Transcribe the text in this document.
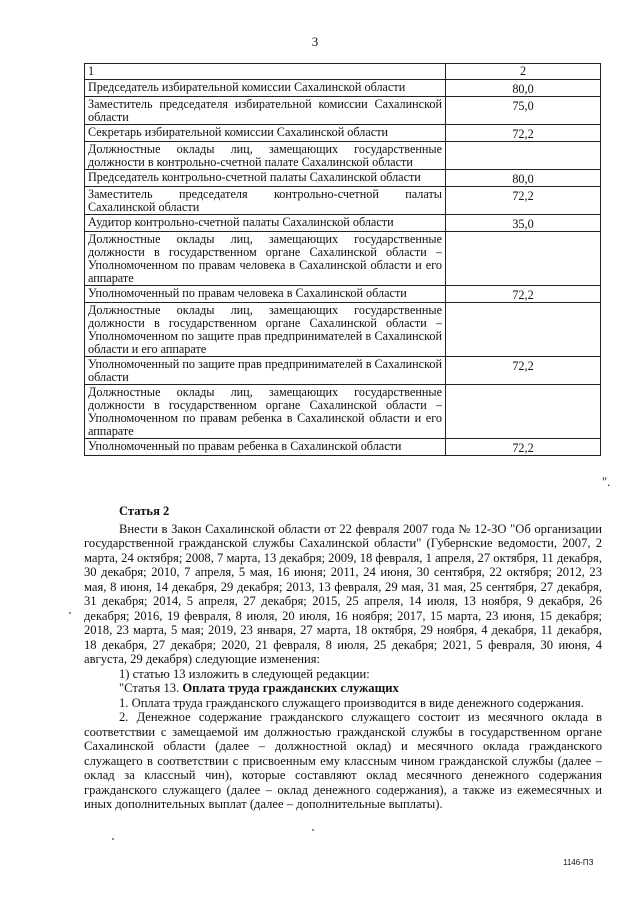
3
1	2
Председатель избирательной комиссии Сахалинской области	80,0
Заместитель председателя избирательной комиссии Сахалинской области	75,0
Секретарь избирательной комиссии Сахалинской области	72,2
Должностные оклады лиц, замещающих государственные должности в контрольно-счетной палате Сахалинской области	
Председатель контрольно-счетной палаты Сахалинской области	80,0
Заместитель председателя контрольно-счетной палаты Сахалинской области	72,2
Аудитор контрольно-счетной палаты Сахалинской области	35,0
Должностные оклады лиц, замещающих государственные должности в государственном органе Сахалинской области – Уполномоченном по правам человека в Сахалинской области и его аппарате	
Уполномоченный по правам человека в Сахалинской области	72,2
Должностные оклады лиц, замещающих государственные должности в государственном органе Сахалинской области – Уполномоченном по защите прав предпринимателей в Сахалинской области и его аппарате	
Уполномоченный по защите прав предпринимателей в Сахалинской области	72,2
Должностные оклады лиц, замещающих государственные должности в государственном органе Сахалинской области – Уполномоченном по правам ребенка в Сахалинской области и его аппарате	
Уполномоченный по правам ребенка в Сахалинской области	72,2
".
Статья 2

Внести в Закон Сахалинской области от 22 февраля 2007 года № 12-ЗО "Об организации государственной гражданской службы Сахалинской области" (Губернские ведомости, 2007, 2 марта, 24 октября; 2008, 7 марта, 13 декабря; 2009, 18 февраля, 1 апреля, 27 октября, 11 декабря, 30 декабря; 2010, 7 апреля, 5 мая, 16 июня; 2011, 24 июня, 30 сентября, 22 октября; 2012, 23 мая, 8 июня, 14 декабря, 29 декабря; 2013, 13 февраля, 29 мая, 31 мая, 25 сентября, 27 декабря, 31 декабря; 2014, 5 апреля, 27 декабря; 2015, 25 апреля, 14 июля, 13 ноября, 9 декабря, 26 декабря; 2016, 19 февраля, 8 июля, 20 июля, 16 ноября; 2017, 15 марта, 23 июня, 15 декабря; 2018, 23 марта, 5 мая; 2019, 23 января, 27 марта, 18 октября, 29 ноября, 4 декабря, 11 декабря, 18 декабря, 27 декабря; 2020, 21 февраля, 8 июля, 25 декабря; 2021, 5 февраля, 30 июня, 4 августа, 29 декабря) следующие изменения:

1) статью 13 изложить в следующей редакции:

"Статья 13. Оплата труда гражданских служащих

1. Оплата труда гражданского служащего производится в виде денежного содержания.

2. Денежное содержание гражданского служащего состоит из месячного оклада в соответствии с замещаемой им должностью гражданской службы в государственном органе Сахалинской области (далее – должностной оклад) и месячного оклада гражданского служащего в соответствии с присвоенным ему классным чином гражданской службы (далее – оклад за классный чин), которые составляют оклад месячного денежного содержания гражданского служащего (далее – оклад денежного содержания), а также из ежемесячных и иных дополнительных выплат (далее – дополнительные выплаты).

1146-ПЗ
